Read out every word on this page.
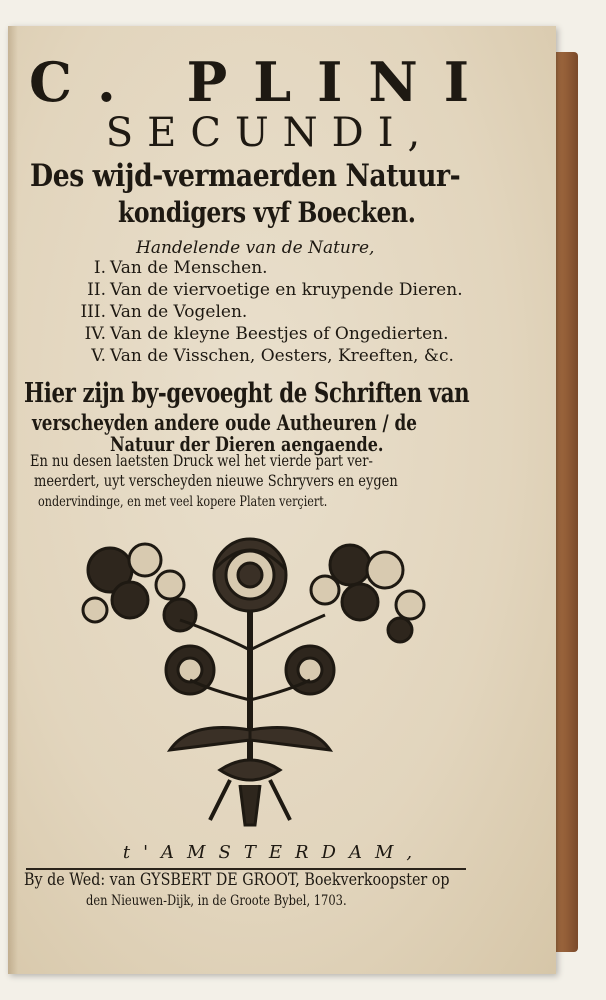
C. PLINI
SECUNDI,
Des wijd-vermaerden Natuur-
kondigers vyf Boecken.
Handelende van de Nature,
I. Van de Menschen.
II. Van de viervoetige en kruypende Dieren.
III. Van de Vogelen.
IV. Van de kleyne Beestjes of Ongedierten.
V. Van de Visschen, Oesters, Kreeften, &c.
Hier zijn by-gevoeght de Schriften van
verscheyden andere oude Autheuren / de
Natuur der Dieren aengaende.
En nu desen laetsten Druck wel het vierde part ver-
meerdert, uyt verscheyden nieuwe Schryvers en eygen
ondervindinge, en met veel kopere Platen verçiert.
t'AMSTERDAM,
By de Wed: van GYSBERT DE GROOT, Boekverkoopster op
den Nieuwen-Dijk, in de Groote Bybel, 1703.
